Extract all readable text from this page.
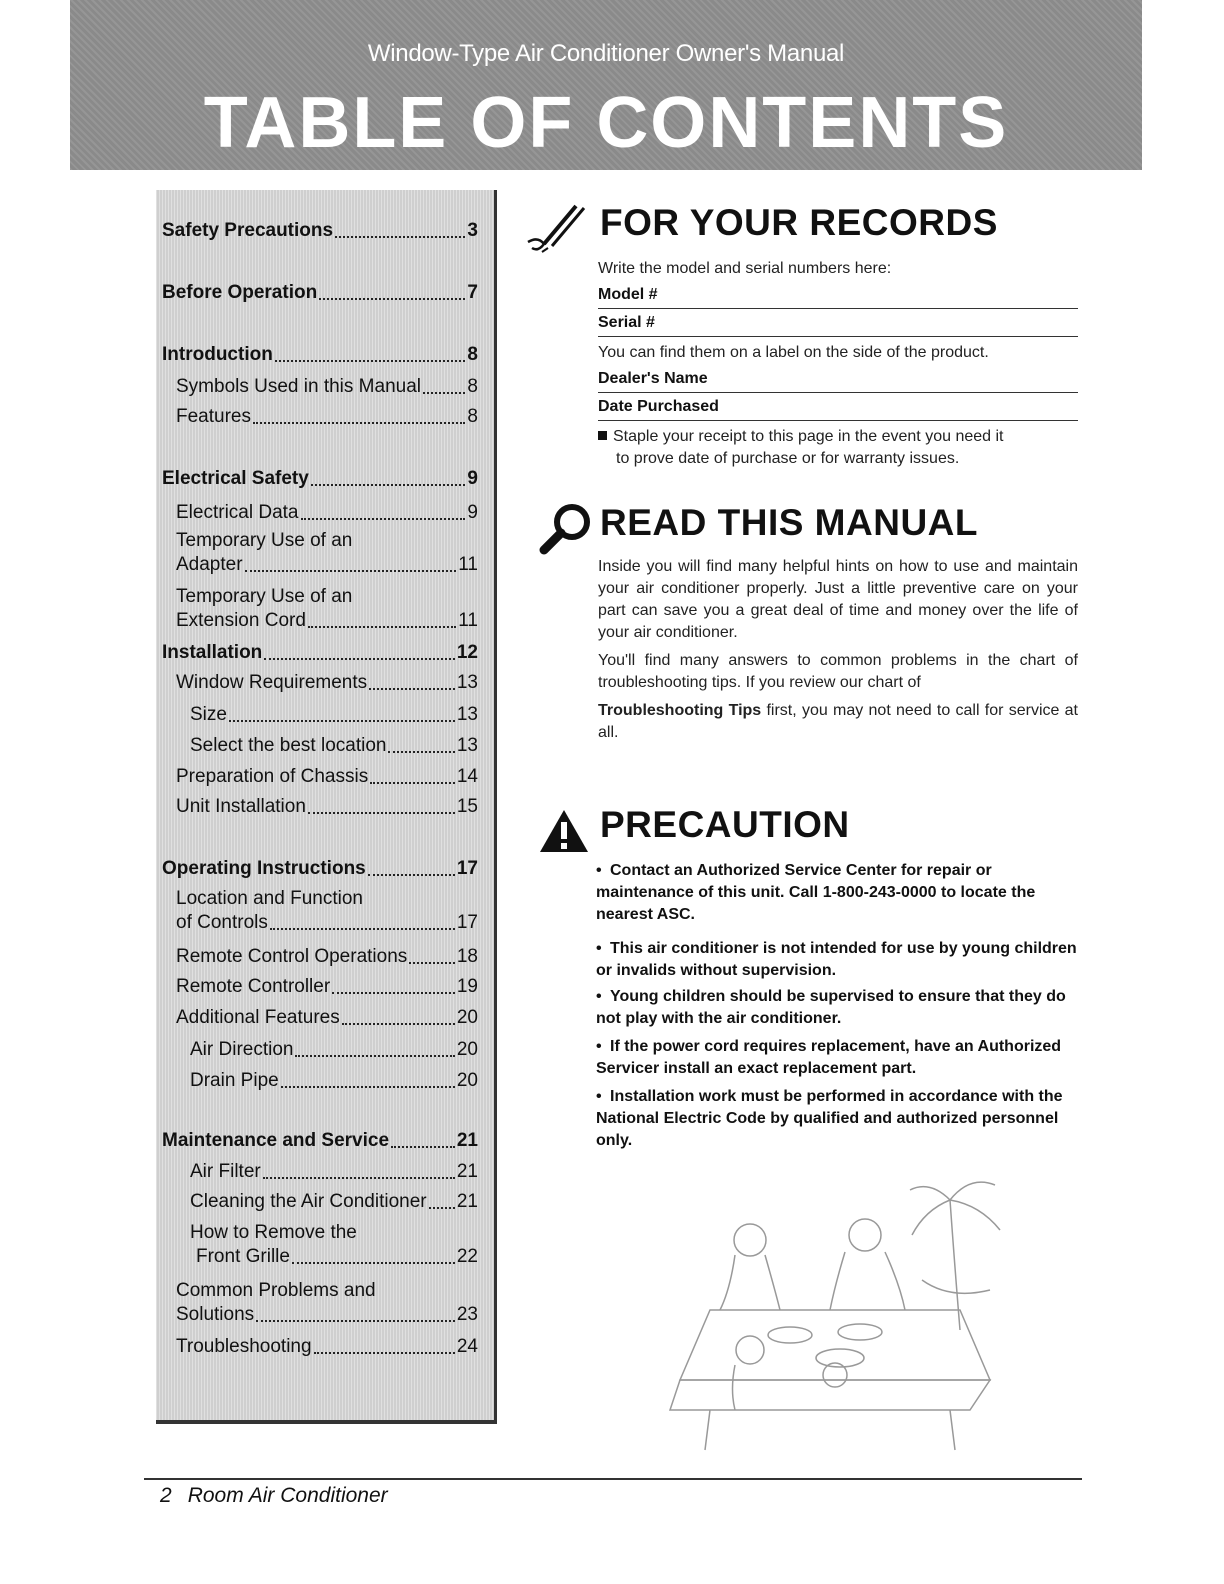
Window-Type Air Conditioner Owner's Manual
TABLE OF CONTENTS
Safety Precautions	3
Before Operation	7
Introduction	8
Symbols Used in this Manual 8
Features	8
Electrical Safety	9
Electrical Data	9
Temporary Use of an
Adapter	11
Temporary Use of an
Extension Cord	11
Installation	12
Window Requirements	13
Size	13
Select the best location	13
Preparation of Chassis	14
Unit Installation	15
Operating Instructions	17
Location and Function
of Controls	17
Remote Control Operations	18
Remote Controller	19
Additional Features	20
Air Direction	20
Drain Pipe	20
Maintenance and Service	21
Air Filter	21
Cleaning the Air Conditioner 21
How to Remove the
Front Grille	22
Common Problems and
Solutions	23
Troubleshooting	24
FOR YOUR RECORDS
Write the model and serial numbers here:
Model #
Serial #
You can find them on a label on the side of the product.
Dealer's Name
Date Purchased
Staple your receipt to this page in the event you need it
to prove date of purchase or for warranty issues.
READ THIS MANUAL
Inside you will find many helpful hints on how to use and maintain your air conditioner properly. Just a little preventive care on your part can save you a great deal of time and money over the life of your air conditioner.
You'll find many answers to common problems in the chart of troubleshooting tips. If you review our chart of
Troubleshooting Tips first, you may not need to call for service at all.
PRECAUTION
• Contact an Authorized Service Center for repair or maintenance of this unit. Call 1-800-243-0000 to locate the nearest ASC.
• This air conditioner is not intended for use by young children or invalids without supervision.
• Young children should be supervised to ensure that they do not play with the air conditioner.
• If the power cord requires replacement, have an Authorized Servicer install an exact replacement part.
• Installation work must be performed in accordance with the National Electric Code by qualified and authorized personnel only.
2 Room Air Conditioner
